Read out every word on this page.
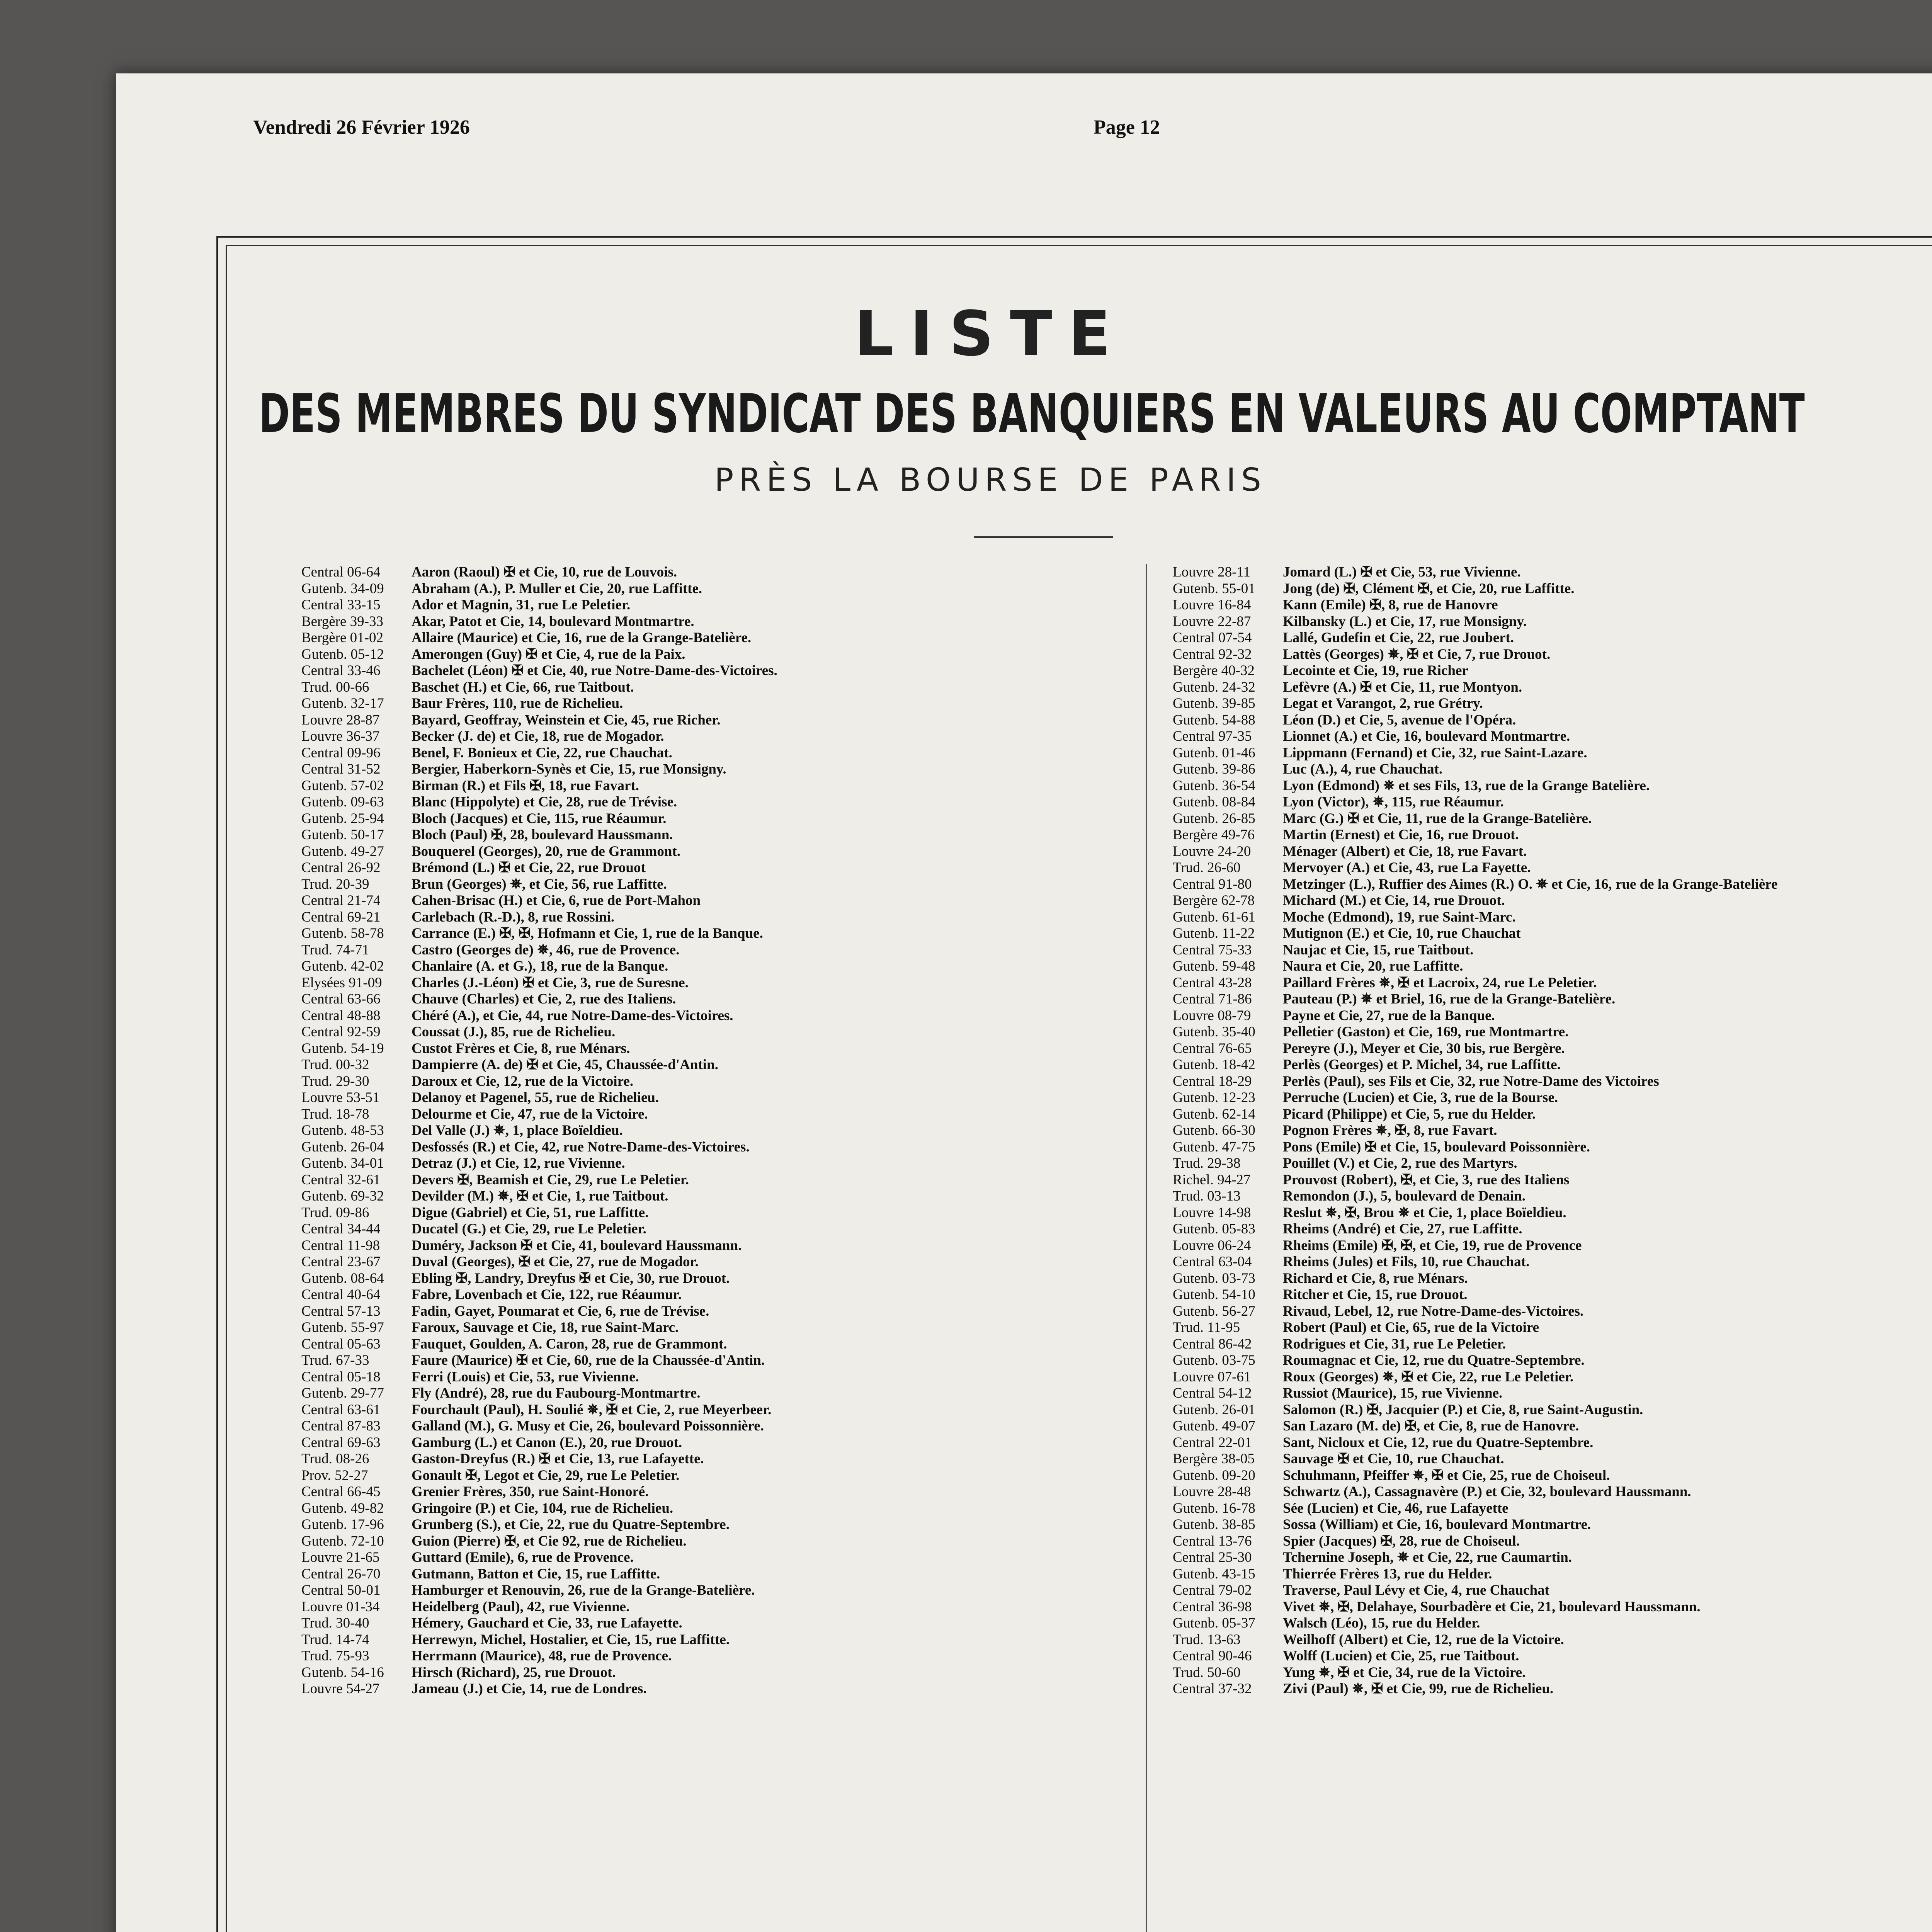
Vendredi 26 Février 1926	Page 12
LISTE
DES MEMBRES DU SYNDICAT DES BANQUIERS EN VALEURS AU COMPTANT
PRÈS LA BOURSE DE PARIS
Central 06-64 Aaron (Raoul) ✠ et Cie, 10, rue de Louvois.
Gutenb. 34-09 Abraham (A.), P. Muller et Cie, 20, rue Laffitte.
Central 33-15 Ador et Magnin, 31, rue Le Peletier.
Bergère 39-33 Akar, Patot et Cie, 14, boulevard Montmartre.
Bergère 01-02 Allaire (Maurice) et Cie, 16, rue de la Grange-Batelière.
Gutenb. 05-12 Amerongen (Guy) ✠ et Cie, 4, rue de la Paix.
Central 33-46 Bachelet (Léon) ✠ et Cie, 40, rue Notre-Dame-des-Victoires.
Trud. 00-66	Baschet (H.) et Cie, 66, rue Taitbout.
Gutenb. 32-17 Baur Frères, 110, rue de Richelieu.
Louvre 28-87 Bayard, Geoffray, Weinstein et Cie, 45, rue Richer.
Louvre 36-37 Becker (J. de) et Cie, 18, rue de Mogador.
Central 09-96 Benel, F. Bonieux et Cie, 22, rue Chauchat.
Central 31-52 Bergier, Haberkorn-Synès et Cie, 15, rue Monsigny.
Gutenb. 57-02 Birman (R.) et Fils ✠, 18, rue Favart.
Gutenb. 09-63 Blanc (Hippolyte) et Cie, 28, rue de Trévise.
Gutenb. 25-94 Bloch (Jacques) et Cie, 115, rue Réaumur.
Gutenb. 50-17 Bloch (Paul) ✠, 28, boulevard Haussmann.
Gutenb. 49-27 Bouquerel (Georges), 20, rue de Grammont.
Central 26-92 Brémond (L.) ✠ et Cie, 22, rue Drouot
Trud. 20-39	Brun (Georges) ✵, et Cie, 56, rue Laffitte.
Central 21-74 Cahen-Brisac (H.) et Cie, 6, rue de Port-Mahon
Central 69-21 Carlebach (R.-D.), 8, rue Rossini.
Gutenb. 58-78 Carrance (E.) ✠, ✠, Hofmann et Cie, 1, rue de la Banque.
Trud. 74-71	Castro (Georges de) ✵, 46, rue de Provence.
Gutenb. 42-02 Chanlaire (A. et G.), 18, rue de la Banque.
Elysées 91-09 Charles (J.-Léon) ✠ et Cie, 3, rue de Suresne.
Central 63-66 Chauve (Charles) et Cie, 2, rue des Italiens.
Central 48-88 Chéré (A.), et Cie, 44, rue Notre-Dame-des-Victoires.
Central 92-59 Coussat (J.), 85, rue de Richelieu.
Gutenb. 54-19 Custot Frères et Cie, 8, rue Ménars.
Trud. 00-32	Dampierre (A. de) ✠ et Cie, 45, Chaussée-d'Antin.
Trud. 29-30	Daroux et Cie, 12, rue de la Victoire.
Louvre 53-51 Delanoy et Pagenel, 55, rue de Richelieu.
Trud. 18-78	Delourme et Cie, 47, rue de la Victoire.
Gutenb. 48-53 Del Valle (J.) ✵, 1, place Boïeldieu.
Gutenb. 26-04 Desfossés (R.) et Cie, 42, rue Notre-Dame-des-Victoires.
Gutenb. 34-01 Detraz (J.) et Cie, 12, rue Vivienne.
Central 32-61 Devers ✠, Beamish et Cie, 29, rue Le Peletier.
Gutenb. 69-32 Devilder (M.) ✵, ✠ et Cie, 1, rue Taitbout.
Trud. 09-86	Digue (Gabriel) et Cie, 51, rue Laffitte.
Central 34-44 Ducatel (G.) et Cie, 29, rue Le Peletier.
Central 11-98 Duméry, Jackson ✠ et Cie, 41, boulevard Haussmann.
Central 23-67 Duval (Georges), ✠ et Cie, 27, rue de Mogador.
Gutenb. 08-64 Ebling ✠, Landry, Dreyfus ✠ et Cie, 30, rue Drouot.
Central 40-64 Fabre, Lovenbach et Cie, 122, rue Réaumur.
Central 57-13 Fadin, Gayet, Poumarat et Cie, 6, rue de Trévise.
Gutenb. 55-97 Faroux, Sauvage et Cie, 18, rue Saint-Marc.
Central 05-63 Fauquet, Goulden, A. Caron, 28, rue de Grammont.
Trud. 67-33	Faure (Maurice) ✠ et Cie, 60, rue de la Chaussée-d'Antin.
Central 05-18 Ferri (Louis) et Cie, 53, rue Vivienne.
Gutenb. 29-77 Fly (André), 28, rue du Faubourg-Montmartre.
Central 63-61 Fourchault (Paul), H. Soulié ✵, ✠ et Cie, 2, rue Meyerbeer.
Central 87-83 Galland (M.), G. Musy et Cie, 26, boulevard Poissonnière.
Central 69-63 Gamburg (L.) et Canon (E.), 20, rue Drouot.
Trud. 08-26	Gaston-Dreyfus (R.) ✠ et Cie, 13, rue Lafayette.
Prov. 52-27	Gonault ✠, Legot et Cie, 29, rue Le Peletier.
Central 66-45 Grenier Frères, 350, rue Saint-Honoré.
Gutenb. 49-82 Gringoire (P.) et Cie, 104, rue de Richelieu.
Gutenb. 17-96 Grunberg (S.), et Cie, 22, rue du Quatre-Septembre.
Gutenb. 72-10 Guion (Pierre) ✠, et Cie 92, rue de Richelieu.
Louvre 21-65 Guttard (Emile), 6, rue de Provence.
Central 26-70 Gutmann, Batton et Cie, 15, rue Laffitte.
Central 50-01 Hamburger et Renouvin, 26, rue de la Grange-Batelière.
Louvre 01-34 Heidelberg (Paul), 42, rue Vivienne.
Trud. 30-40	Hémery, Gauchard et Cie, 33, rue Lafayette.
Trud. 14-74	Herrewyn, Michel, Hostalier, et Cie, 15, rue Laffitte.
Trud. 75-93	Herrmann (Maurice), 48, rue de Provence.
Gutenb. 54-16 Hirsch (Richard), 25, rue Drouot.
Louvre 54-27 Jameau (J.) et Cie, 14, rue de Londres.
Louvre 28-11 Jomard (L.) ✠ et Cie, 53, rue Vivienne.
Gutenb. 55-01 Jong (de) ✠, Clément ✠, et Cie, 20, rue Laffitte.
Louvre 16-84 Kann (Emile) ✠, 8, rue de Hanovre
Louvre 22-87 Kilbansky (L.) et Cie, 17, rue Monsigny.
Central 07-54 Lallé, Gudefin et Cie, 22, rue Joubert.
Central 92-32 Lattès (Georges) ✵, ✠ et Cie, 7, rue Drouot.
Bergère 40-32 Lecointe et Cie, 19, rue Richer
Gutenb. 24-32 Lefèvre (A.) ✠ et Cie, 11, rue Montyon.
Gutenb. 39-85 Legat et Varangot, 2, rue Grétry.
Gutenb. 54-88 Léon (D.) et Cie, 5, avenue de l'Opéra.
Central 97-35 Lionnet (A.) et Cie, 16, boulevard Montmartre.
Gutenb. 01-46 Lippmann (Fernand) et Cie, 32, rue Saint-Lazare.
Gutenb. 39-86 Luc (A.), 4, rue Chauchat.
Gutenb. 36-54 Lyon (Edmond) ✵ et ses Fils, 13, rue de la Grange Batelière.
Gutenb. 08-84 Lyon (Victor), ✵, 115, rue Réaumur.
Gutenb. 26-85 Marc (G.) ✠ et Cie, 11, rue de la Grange-Batelière.
Bergère 49-76 Martin (Ernest) et Cie, 16, rue Drouot.
Louvre 24-20 Ménager (Albert) et Cie, 18, rue Favart.
Trud. 26-60	Mervoyer (A.) et Cie, 43, rue La Fayette.
Central 91-80 Metzinger (L.), Ruffier des Aimes (R.) O. ✵ et Cie, 16, rue de la Grange-Batelière
Bergère 62-78 Michard (M.) et Cie, 14, rue Drouot.
Gutenb. 61-61 Moche (Edmond), 19, rue Saint-Marc.
Gutenb. 11-22 Mutignon (E.) et Cie, 10, rue Chauchat
Central 75-33 Naujac et Cie, 15, rue Taitbout.
Gutenb. 59-48 Naura et Cie, 20, rue Laffitte.
Central 43-28 Paillard Frères ✵, ✠ et Lacroix, 24, rue Le Peletier.
Central 71-86 Pauteau (P.) ✵ et Briel, 16, rue de la Grange-Batelière.
Louvre 08-79 Payne et Cie, 27, rue de la Banque.
Gutenb. 35-40 Pelletier (Gaston) et Cie, 169, rue Montmartre.
Central 76-65 Pereyre (J.), Meyer et Cie, 30 bis, rue Bergère.
Gutenb. 18-42 Perlès (Georges) et P. Michel, 34, rue Laffitte.
Central 18-29 Perlès (Paul), ses Fils et Cie, 32, rue Notre-Dame des Victoires
Gutenb. 12-23 Perruche (Lucien) et Cie, 3, rue de la Bourse.
Gutenb. 62-14 Picard (Philippe) et Cie, 5, rue du Helder.
Gutenb. 66-30 Pognon Frères ✵, ✠, 8, rue Favart.
Gutenb. 47-75 Pons (Emile) ✠ et Cie, 15, boulevard Poissonnière.
Trud. 29-38	Pouillet (V.) et Cie, 2, rue des Martyrs.
Richel. 94-27 Prouvost (Robert), ✠, et Cie, 3, rue des Italiens
Trud. 03-13	Remondon (J.), 5, boulevard de Denain.
Louvre 14-98 Reslut ✵, ✠, Brou ✵ et Cie, 1, place Boïeldieu.
Gutenb. 05-83 Rheims (André) et Cie, 27, rue Laffitte.
Louvre 06-24 Rheims (Emile) ✠, ✠, et Cie, 19, rue de Provence
Central 63-04 Rheims (Jules) et Fils, 10, rue Chauchat.
Gutenb. 03-73 Richard et Cie, 8, rue Ménars.
Gutenb. 54-10 Ritcher et Cie, 15, rue Drouot.
Gutenb. 56-27 Rivaud, Lebel, 12, rue Notre-Dame-des-Victoires.
Trud. 11-95	Robert (Paul) et Cie, 65, rue de la Victoire
Central 86-42 Rodrigues et Cie, 31, rue Le Peletier.
Gutenb. 03-75 Roumagnac et Cie, 12, rue du Quatre-Septembre.
Louvre 07-61 Roux (Georges) ✵, ✠ et Cie, 22, rue Le Peletier.
Central 54-12 Russiot (Maurice), 15, rue Vivienne.
Gutenb. 26-01 Salomon (R.) ✠, Jacquier (P.) et Cie, 8, rue Saint-Augustin.
Gutenb. 49-07 San Lazaro (M. de) ✠, et Cie, 8, rue de Hanovre.
Central 22-01 Sant, Nicloux et Cie, 12, rue du Quatre-Septembre.
Bergère 38-05 Sauvage ✠ et Cie, 10, rue Chauchat.
Gutenb. 09-20 Schuhmann, Pfeiffer ✵, ✠ et Cie, 25, rue de Choiseul.
Louvre 28-48 Schwartz (A.), Cassagnavère (P.) et Cie, 32, boulevard Haussmann.
Gutenb. 16-78 Sée (Lucien) et Cie, 46, rue Lafayette
Gutenb. 38-85 Sossa (William) et Cie, 16, boulevard Montmartre.
Central 13-76 Spier (Jacques) ✠, 28, rue de Choiseul.
Central 25-30 Tchernine Joseph, ✵ et Cie, 22, rue Caumartin.
Gutenb. 43-15 Thierrée Frères 13, rue du Helder.
Central 79-02 Traverse, Paul Lévy et Cie, 4, rue Chauchat
Central 36-98 Vivet ✵, ✠, Delahaye, Sourbadère et Cie, 21, boulevard Haussmann.
Gutenb. 05-37 Walsch (Léo), 15, rue du Helder.
Trud. 13-63	Weilhoff (Albert) et Cie, 12, rue de la Victoire.
Central 90-46 Wolff (Lucien) et Cie, 25, rue Taitbout.
Trud. 50-60	Yung ✵, ✠ et Cie, 34, rue de la Victoire.
Central 37-32 Zivi (Paul) ✵, ✠ et Cie, 99, rue de Richelieu.
